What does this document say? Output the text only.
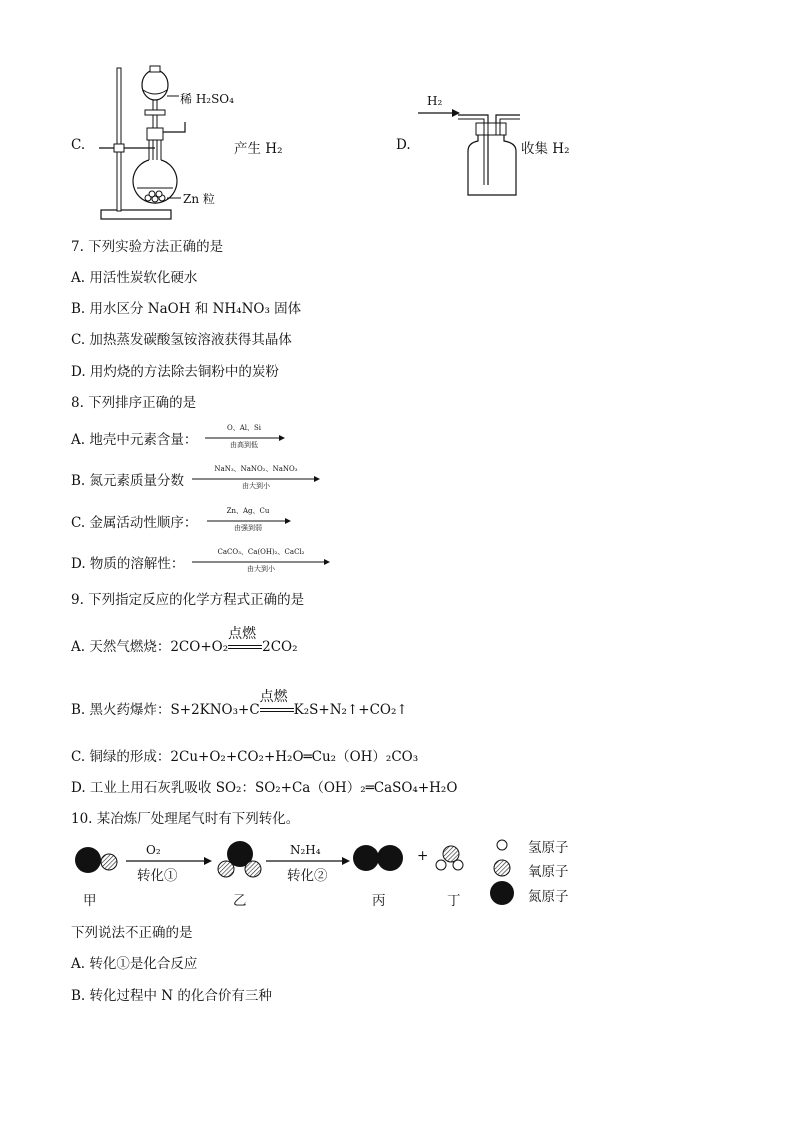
C.
稀 H₂SO₄
Zn 粒
产生 H₂	D.
H₂
收集 H₂
7. 下列实验方法正确的是
A. 用活性炭软化硬水
B. 用水区分 NaOH 和 NH₄NO₃ 固体
C. 加热蒸发碳酸氢铵溶液获得其晶体
D. 用灼烧的方法除去铜粉中的炭粉
8. 下列排序正确的是
A. 地壳中元素含量：
O、Al、Si
由高到低
B. 氮元素质量分数
NaN₃、NaNO₂、NaNO₃
由大到小
C. 金属活动性顺序：
Zn、Ag、Cu
由强到弱
D. 物质的溶解性：
CaCO₃、Ca(OH)₂、CaCl₂
由大到小
9. 下列指定反应的化学方程式正确的是
A. 天然气燃烧：2CO+O₂
点燃
2CO₂
B. 黑火药爆炸：S+2KNO₃+C
点燃
K₂S+N₂↑+CO₂↑
C. 铜绿的形成：2Cu+O₂+CO₂+H₂O═Cu₂（OH）₂CO₃
D. 工业上用石灰乳吸收 SO₂：SO₂+Ca（OH）₂═CaSO₄+H₂O
10. 某冶炼厂处理尾气时有下列转化。
O₂
转化①
N₂H₄
转化②
+
甲	乙	丙	丁
氢原子
氧原子
氮原子
下列说法不正确的是
A. 转化①是化合反应
B. 转化过程中 N 的化合价有三种
